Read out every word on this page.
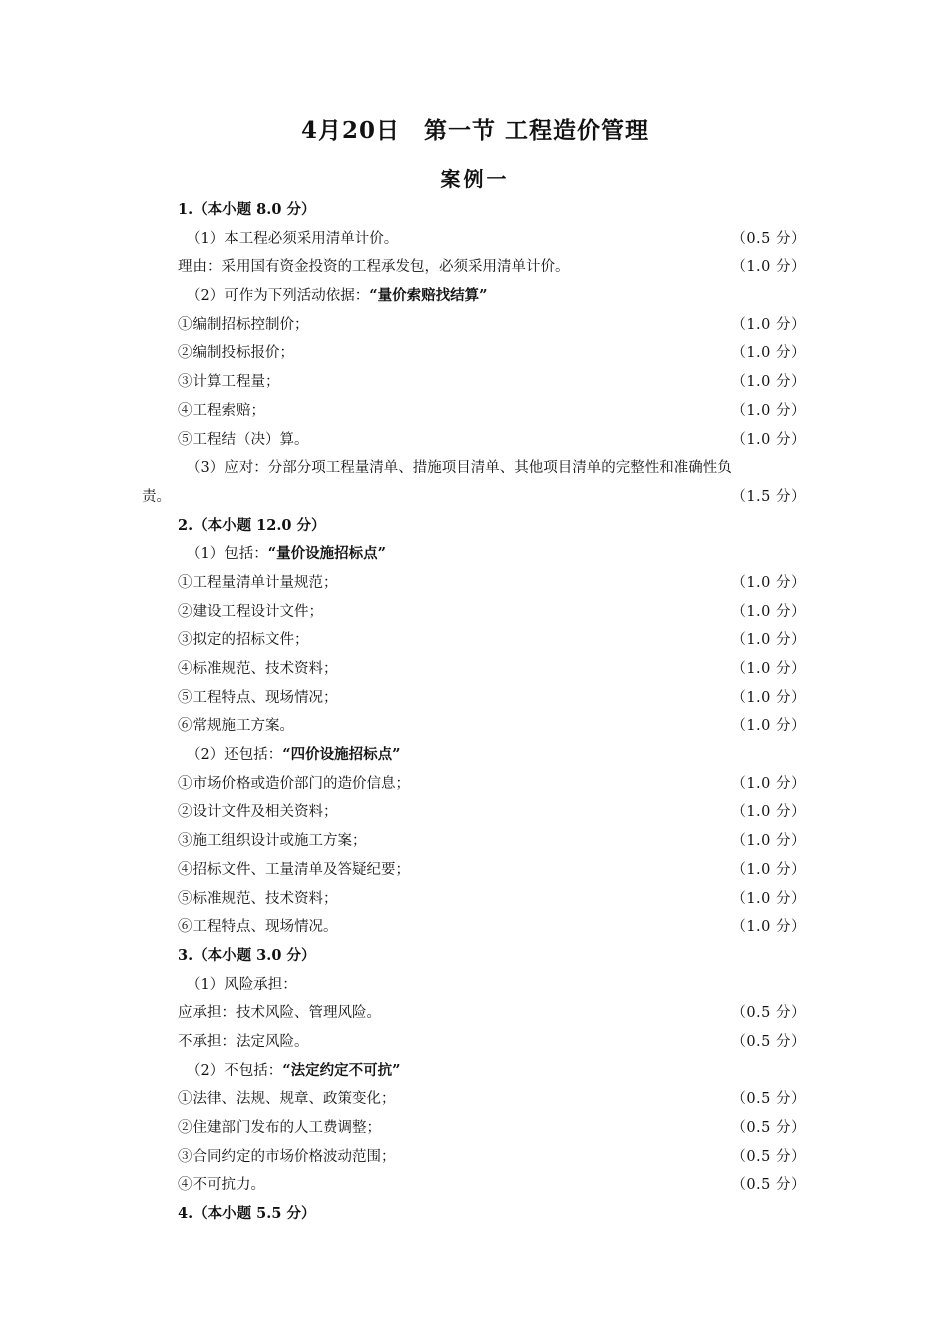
4月20日　第一节 工程造价管理
案例一
1.（本小题 8.0 分）
（1）本工程必须采用清单计价。	（0.5 分）
理由：采用国有资金投资的工程承发包，必须采用清单计价。	（1.0 分）
（2）可作为下列活动依据：“量价索赔找结算”
①编制招标控制价；	（1.0 分）
②编制投标报价；	（1.0 分）
③计算工程量；	（1.0 分）
④工程索赔；	（1.0 分）
⑤工程结（决）算。	（1.0 分）
（3）应对：分部分项工程量清单、措施项目清单、其他项目清单的完整性和准确性负
责。	（1.5 分）
2.（本小题 12.0 分）
（1）包括：“量价设施招标点”
①工程量清单计量规范；	（1.0 分）
②建设工程设计文件；	（1.0 分）
③拟定的招标文件；	（1.0 分）
④标准规范、技术资料；	（1.0 分）
⑤工程特点、现场情况；	（1.0 分）
⑥常规施工方案。	（1.0 分）
（2）还包括：“四价设施招标点”
①市场价格或造价部门的造价信息；	（1.0 分）
②设计文件及相关资料；	（1.0 分）
③施工组织设计或施工方案；	（1.0 分）
④招标文件、工量清单及答疑纪要；	（1.0 分）
⑤标准规范、技术资料；	（1.0 分）
⑥工程特点、现场情况。	（1.0 分）
3.（本小题 3.0 分）
（1）风险承担：
应承担：技术风险、管理风险。	（0.5 分）
不承担：法定风险。	（0.5 分）
（2）不包括：“法定约定不可抗”
①法律、法规、规章、政策变化；	（0.5 分）
②住建部门发布的人工费调整；	（0.5 分）
③合同约定的市场价格波动范围；	（0.5 分）
④不可抗力。	（0.5 分）
4.（本小题 5.5 分）
